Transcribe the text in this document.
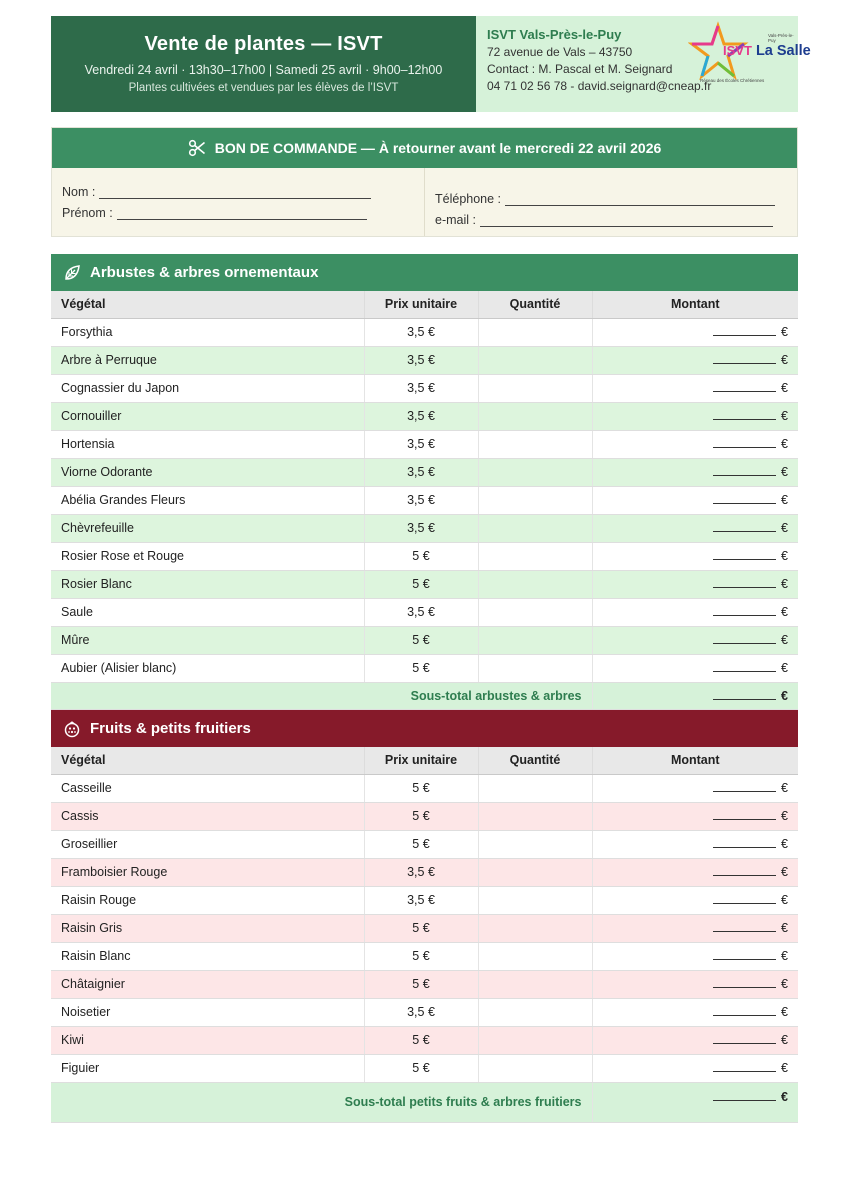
Vente de plantes — ISVT
Vendredi 24 avril · 13h30–17h00 | Samedi 25 avril · 9h00–12h00
Plantes cultivées et vendues par les élèves de l’ISVT
ISVT Vals-Près-le-Puy
72 avenue de Vals – 43750
Contact : M. Pascal et M. Seignard
04 71 02 56 78 - david.seignard@cneap.fr
Vals-Près-le-Puy
ISVT La Salle
Réseau des Écoles Chrétiennes
BON DE COMMANDE — À retourner avant le mercredi 22 avril 2026
Nom :
Prénom :
Téléphone :
e-mail :
Arbustes & arbres ornementaux
Végétal	Prix unitaire	Quantité	Montant
Forsythia	3,5 €		€
Arbre à Perruque	3,5 €		€
Cognassier du Japon	3,5 €		€
Cornouiller	3,5 €		€
Hortensia	3,5 €		€
Viorne Odorante	3,5 €		€
Abélia Grandes Fleurs	3,5 €		€
Chèvrefeuille	3,5 €		€
Rosier Rose et Rouge	5 €		€
Rosier Blanc	5 €		€
Saule	3,5 €		€
Mûre	5 €		€
Aubier (Alisier blanc)	5 €		€
Sous-total arbustes & arbres			€
Fruits & petits fruitiers
Végétal	Prix unitaire	Quantité	Montant
Casseille	5 €		€
Cassis	5 €		€
Groseillier	5 €		€
Framboisier Rouge	3,5 €		€
Raisin Rouge	3,5 €		€
Raisin Gris	5 €		€
Raisin Blanc	5 €		€
Châtaignier	5 €		€
Noisetier	3,5 €		€
Kiwi	5 €		€
Figuier	5 €		€
Sous-total petits fruits & arbres fruitiers			€
